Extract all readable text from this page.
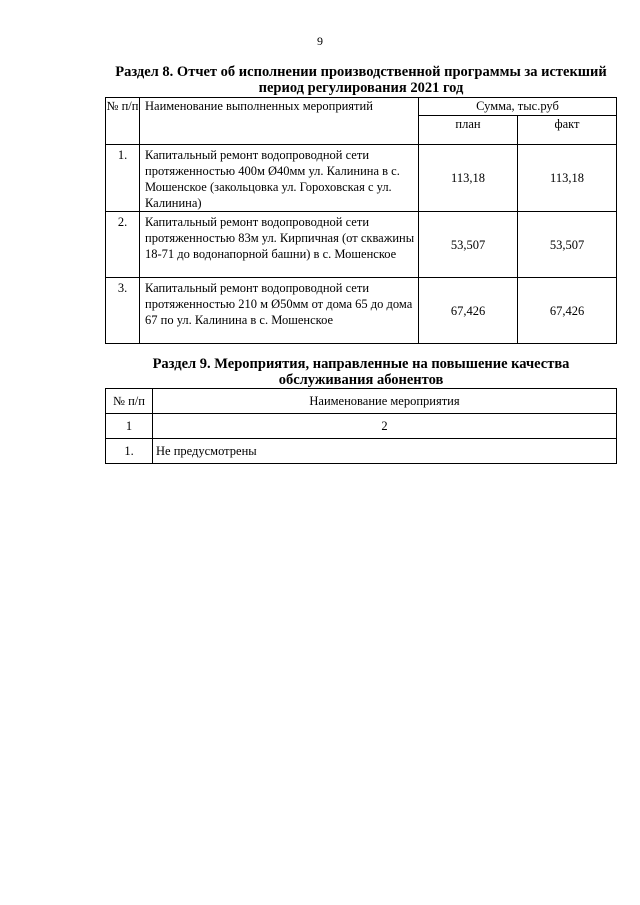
9
Раздел 8. Отчет об исполнении производственной программы за истекший период регулирования 2021 год
№ п/п	Наименование выполненных мероприятий	Сумма, тыс.руб	
		план	факт
1.	Капитальный ремонт водопроводной сети протяженностью 400м Ø40мм ул. Калинина в с. Мошенское (закольцовка ул. Гороховская с ул. Калинина)	113,18	113,18
2.	Капитальный ремонт водопроводной сети протяженностью 83м ул. Кирпичная (от скважины 18-71 до водонапорной башни) в с. Мошенское	53,507	53,507
3.	Капитальный ремонт водопроводной сети протяженностью 210 м Ø50мм от дома 65 до дома 67 по ул. Калинина в с. Мошенское	67,426	67,426
Раздел 9. Мероприятия, направленные на повышение качества обслуживания абонентов
№ п/п	Наименование мероприятия
1	2
1.	Не предусмотрены
